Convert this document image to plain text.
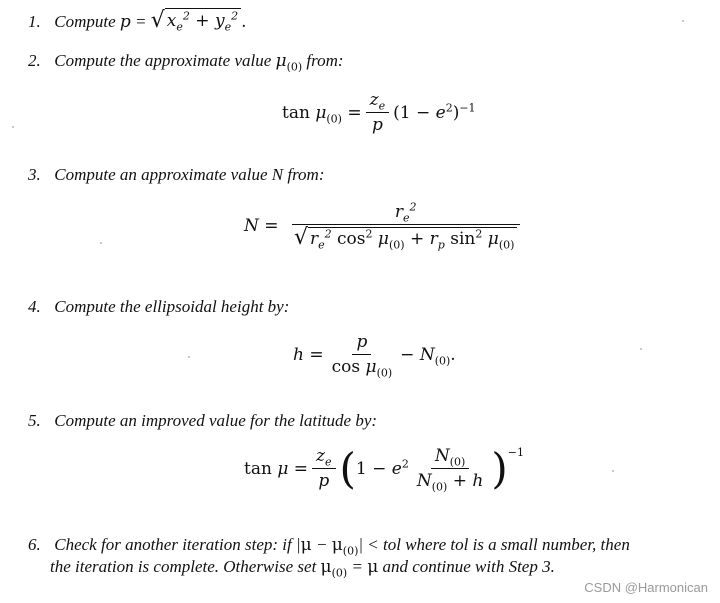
1. Compute p = √ $x_e^2 + y_e^2$ .
2. Compute the approximate value $\mu_{(0)}$ from:
$\tan \mu_{(0)} = \frac{z_e}{p} (1 - e^2)^{-1}$
3. Compute an approximate value N from:
$N = \frac{r_e^2}{√ r_e^2 \cos^2 \mu_{(0)} + r_p \sin^2 \mu_{(0)}}$
4. Compute the ellipsoidal height by:
$h = \frac{p}{\cos \mu_{(0)}} - N_{(0)}$.
5. Compute an improved value for the latitude by:
$\tan \mu = \frac{z_e}{p}$ ( $1 - e^2 \frac{N_{(0)}}{N_{(0)} + h} )^{-1}$
6. Check for another iteration step: if $|\mu - \mu_{(0)}|$ < tol where tol is a small number, then
the iteration is complete. Otherwise set $\mu_{(0)} = \mu$ and continue with Step 3.
CSDN @Harmonican
